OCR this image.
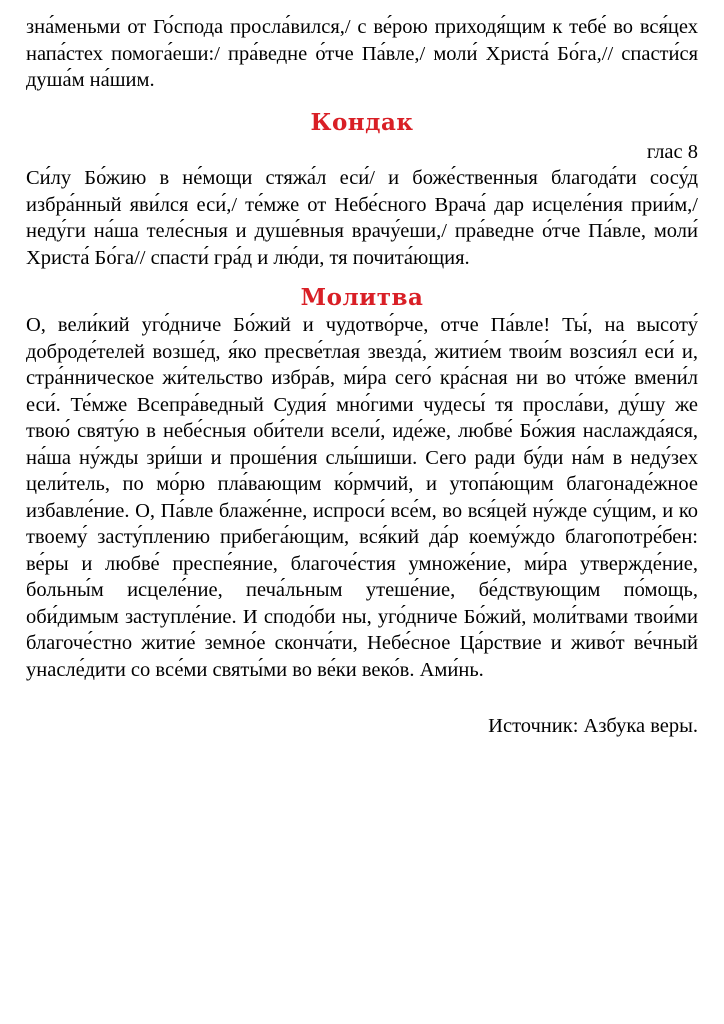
зна́меньми от Го́спода просла́вился,/ с ве́рою приходя́щим к тебе́ во вся́цех напа́стех помога́еши:/ пра́ведне о́тче Па́вле,/ моли́ Христа́ Бо́га,// спасти́ся душа́м на́шим.

Кондак

глас 8

Си́лу Бо́жию в не́мощи стяжа́л еси́/ и боже́ственныя благода́ти сосу́д избра́нный яви́лся еси́,/ те́мже от Небе́сного Врача́ дар исцеле́ния прии́м,/ неду́ги на́ша теле́сныя и душе́вныя врачу́еши,/ пра́ведне о́тче Па́вле, моли́ Христа́ Бо́га// спасти́ гра́д и лю́ди, тя почита́ющия.

Молитва

О, вели́кий уго́дниче Бо́жий и чудотво́рче, отче Па́вле! Ты́, на высоту́ доброде́телей возше́д, я́ко пресве́тлая звезда́, житие́м твои́м возсия́л еси́ и, стра́нническое жи́тельство избра́в, ми́ра сего́ кра́сная ни во что́же вмени́л еси́. Те́мже Всепра́ведный Судия́ мно́гими чудесы́ тя просла́ви, ду́шу же твою́ святу́ю в небе́сныя оби́тели всели́, иде́же, любве́ Бо́жия наслажда́яся, на́ша ну́жды зри́ши и проше́ния слы́шиши. Сего ради бу́ди на́м в неду́зех цели́тель, по мо́рю пла́вающим ко́рмчий, и утопа́ющим благонаде́жное избавле́ние. О, Па́вле блаже́нне, испроси́ все́м, во вся́цей ну́жде су́щим, и ко твоему́ засту́плению прибега́ющим, вся́кий да́р коему́ждо благопотре́бен: ве́ры и любве́ преспе́яние, благоче́стия умноже́ние, ми́ра утвержде́ние, больны́м исцеле́ние, печа́льным утеше́ние, бе́дствующим по́мощь, оби́димым заступле́ние. И сподо́би ны, уго́дниче Бо́жий, моли́твами твои́ми благоче́стно житие́ земно́е сконча́ти, Небе́сное Ца́рствие и живо́т ве́чный унасле́дити со все́ми святы́ми во ве́ки веко́в. Ами́нь.

Источник: Азбука веры.
